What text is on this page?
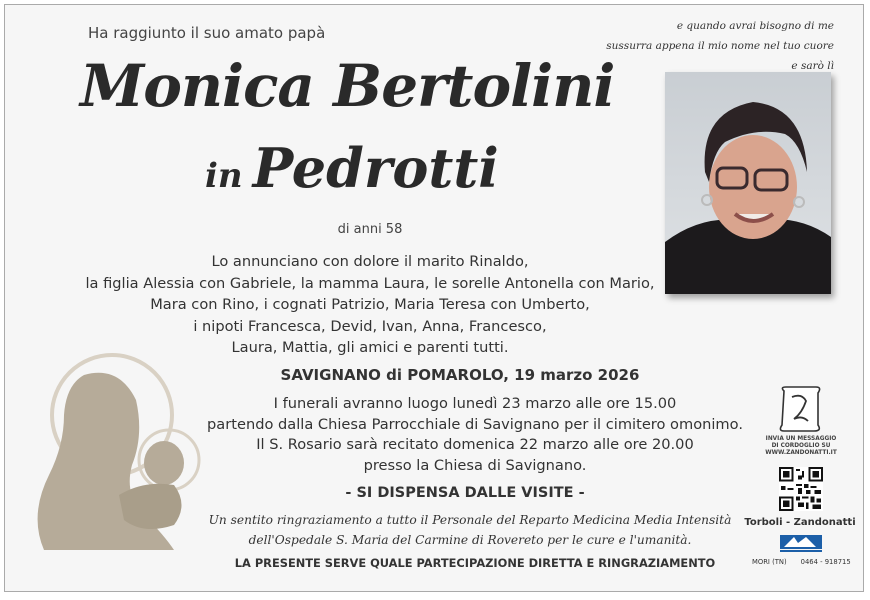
Ha raggiunto il suo amato papà
Monica Bertolini
in Pedrotti
di anni 58
Lo annunciano con dolore il marito Rinaldo,
la figlia Alessia con Gabriele, la mamma Laura, le sorelle Antonella con Mario,
Mara con Rino, i cognati Patrizio, Maria Teresa con Umberto,
i nipoti Francesca, Devid, Ivan, Anna, Francesco,
Laura, Mattia, gli amici e parenti tutti.
SAVIGNANO di POMAROLO, 19 marzo 2026
I funerali avranno luogo lunedì 23 marzo alle ore 15.00
partendo dalla Chiesa Parrocchiale di Savignano per il cimitero omonimo.
Il S. Rosario sarà recitato domenica 22 marzo alle ore 20.00
presso la Chiesa di Savignano.
- SI DISPENSA DALLE VISITE -
Un sentito ringraziamento a tutto il Personale del Reparto Medicina Media Intensità
dell'Ospedale S. Maria del Carmine di Rovereto per le cure e l'umanità.
LA PRESENTE SERVE QUALE PARTECIPAZIONE DIRETTA E RINGRAZIAMENTO
e quando avrai bisogno di me
sussurra appena il mio nome nel tuo cuore
e sarò lì
INVIA UN MESSAGGIO
DI CORDOGLIO SU
WWW.ZANDONATTI.IT
Torboli - Zandonatti
MORI (TN) 0464 - 918715
